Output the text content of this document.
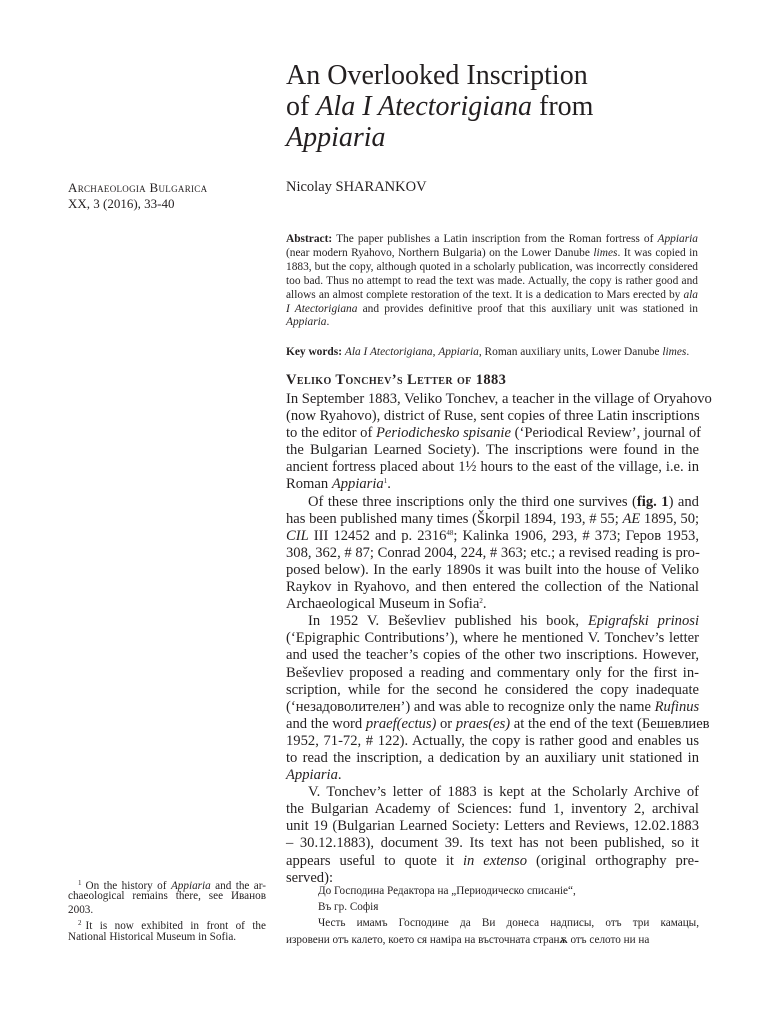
An Overlooked Inscription
of Ala I Atectorigiana from
Appiaria
Archaeologia Bulgarica
XX, 3 (2016), 33-40
Nicolay SHARANKOV
Abstract: The paper publishes a Latin inscription from the Roman fortress of Appiaria (near modern Ryahovo, Northern Bulgaria) on the Lower Danube limes. It was copied in 1883, but the copy, although quoted in a scholarly publication, was incorrectly considered too bad. Thus no attempt to read the text was made. Actually, the copy is rather good and allows an almost complete restoration of the text. It is a dedication to Mars erected by ala I Atectorigiana and provides definitive proof that this auxiliary unit was stationed in Appiaria.
Key words: Ala I Atectorigiana, Appiaria, Roman auxiliary units, Lower Danube limes.
Veliko Tonchev’s Letter of 1883
In September 1883, Veliko Tonchev, a teacher in the village of Oryahovo
(now Ryahovo), district of Ruse, sent copies of three Latin inscriptions
to the editor of Periodichesko spisanie (‘Periodical Review’, journal of
the Bulgarian Learned Society). The inscriptions were found in the
ancient fortress placed about 1½ hours to the east of the village, i.e. in
Roman Appiaria$^1$.
Of these three inscriptions only the third one survives (fig. 1) and
has been published many times (Škorpil 1894, 193, # 55; AE 1895, 50;
CIL III 12452 and p. 2316$^{48}$; Kalinka 1906, 293, # 373; Геров 1953,
308, 362, # 87; Conrad 2004, 224, # 363; etc.; a revised reading is pro-
posed below). In the early 1890s it was built into the house of Veliko
Raykov in Ryahovo, and then entered the collection of the National
Archaeological Museum in Sofia$^2$.
In 1952 V. Beševliev published his book, Epigrafski prinosi
(‘Epigraphic Contributions’), where he mentioned V. Tonchev’s letter
and used the teacher’s copies of the other two inscriptions. However,
Beševliev proposed a reading and commentary only for the first in-
scription, while for the second he considered the copy inadequate
(‘незадоволителен’) and was able to recognize only the name Rufinus
and the word praef(ectus) or praes(es) at the end of the text (Бешевлиев
1952, 71-72, # 122). Actually, the copy is rather good and enables us
to read the inscription, a dedication by an auxiliary unit stationed in
Appiaria.
V. Tonchev’s letter of 1883 is kept at the Scholarly Archive of
the Bulgarian Academy of Sciences: fund 1, inventory 2, archival
unit 19 (Bulgarian Learned Society: Letters and Reviews, 12.02.1883
– 30.12.1883), document 39. Its text has not been published, so it
appears useful to quote it in extenso (original orthography pre-
served):
До Господина Редактора на „Периодическо списаніе“,
Въ гр. Софія
Честь имамъ Господине да Ви донеса надписы, отъ три камацы,
изровени отъ калето, което ся наміра на въсточната странѫ отъ селото ни на
$^1$ On the history of Appiaria and the ar-
chaeological remains there, see Иванов
2003.
$^2$ It is now exhibited in front of the
National Historical Museum in Sofia.
